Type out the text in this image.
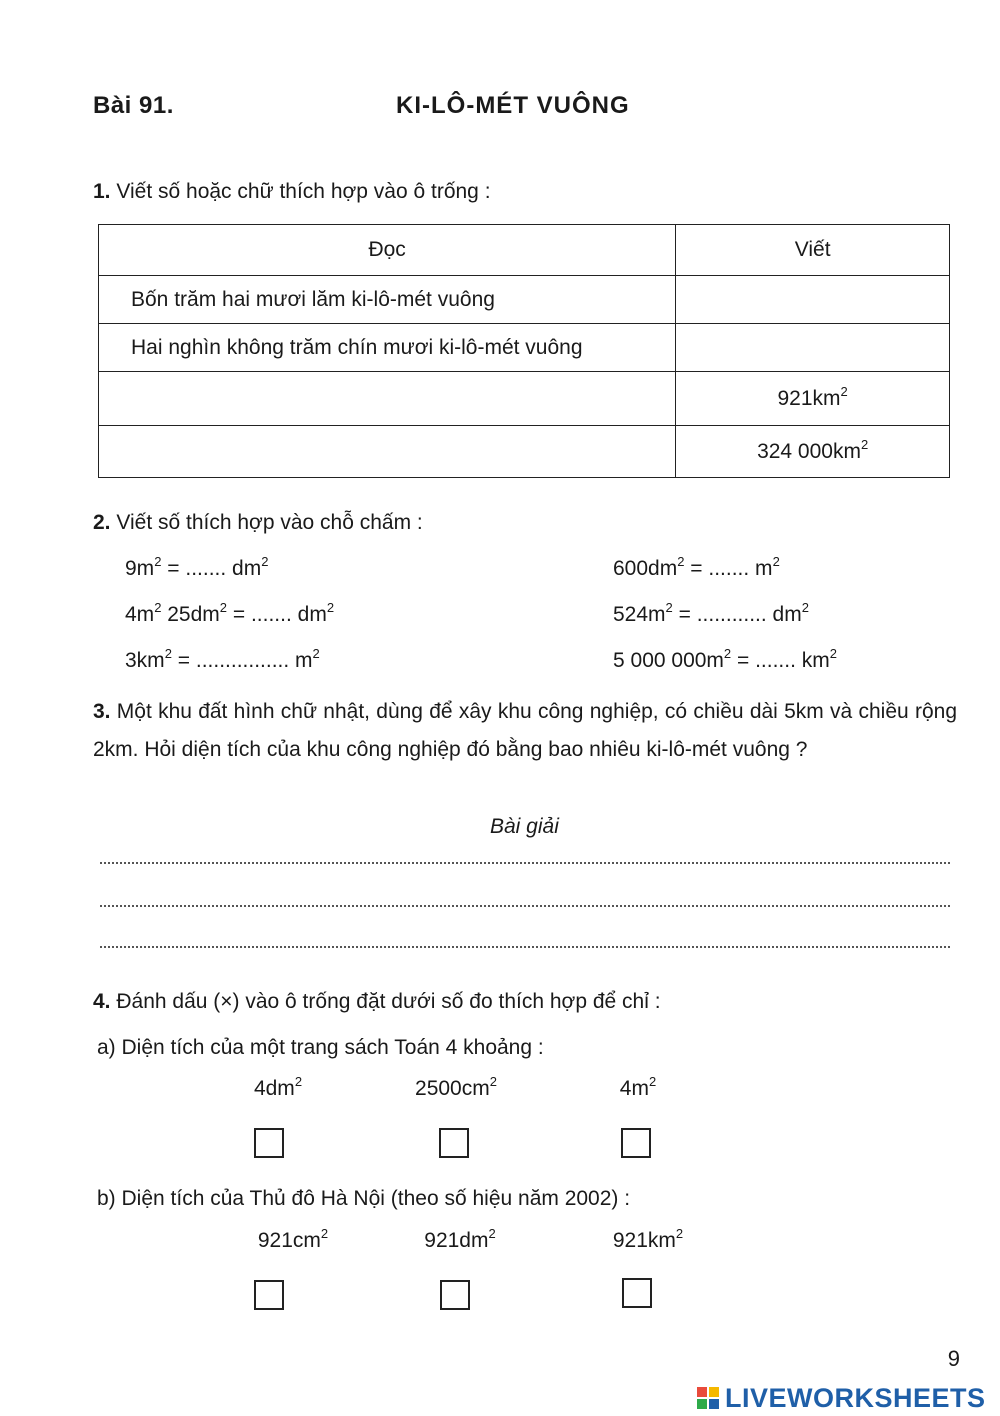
Bài 91.	KI-LÔ-MÉT VUÔNG
1. Viết số hoặc chữ thích hợp vào ô trống :
Đọc	Viết
Bốn trăm hai mươi lăm ki-lô-mét vuông	
Hai nghìn không trăm chín mươi ki-lô-mét vuông	
	$921km^2$
	324 $000km^2$
2. Viết số thích hợp vào chỗ chấm :
$9m^2$ = ....... $dm^2$
$4m^2$ $25dm^2$ = ....... $dm^2$
$3km^2$ = ................ $m^2$
$600dm^2$ = ....... $m^2$
$524m^2$ = ............ $dm^2$
5 000 $000m^2$ = ....... $km^2$
3. Một khu đất hình chữ nhật, dùng để xây khu công nghiệp, có chiều dài 5km và chiều rộng 2km. Hỏi diện tích của khu công nghiệp đó bằng bao nhiêu ki-lô-mét vuông ?
Bài giải
4. Đánh dấu (×) vào ô trống đặt dưới số đo thích hợp để chỉ :
a) Diện tích của một trang sách Toán 4 khoảng :
$4dm^2$	$2500cm^2$	$4m^2$
b) Diện tích của Thủ đô Hà Nội (theo số hiệu năm 2002) :
$921cm^2$	$921dm^2$	$921km^2$
9
LIVEWORKSHEETS
